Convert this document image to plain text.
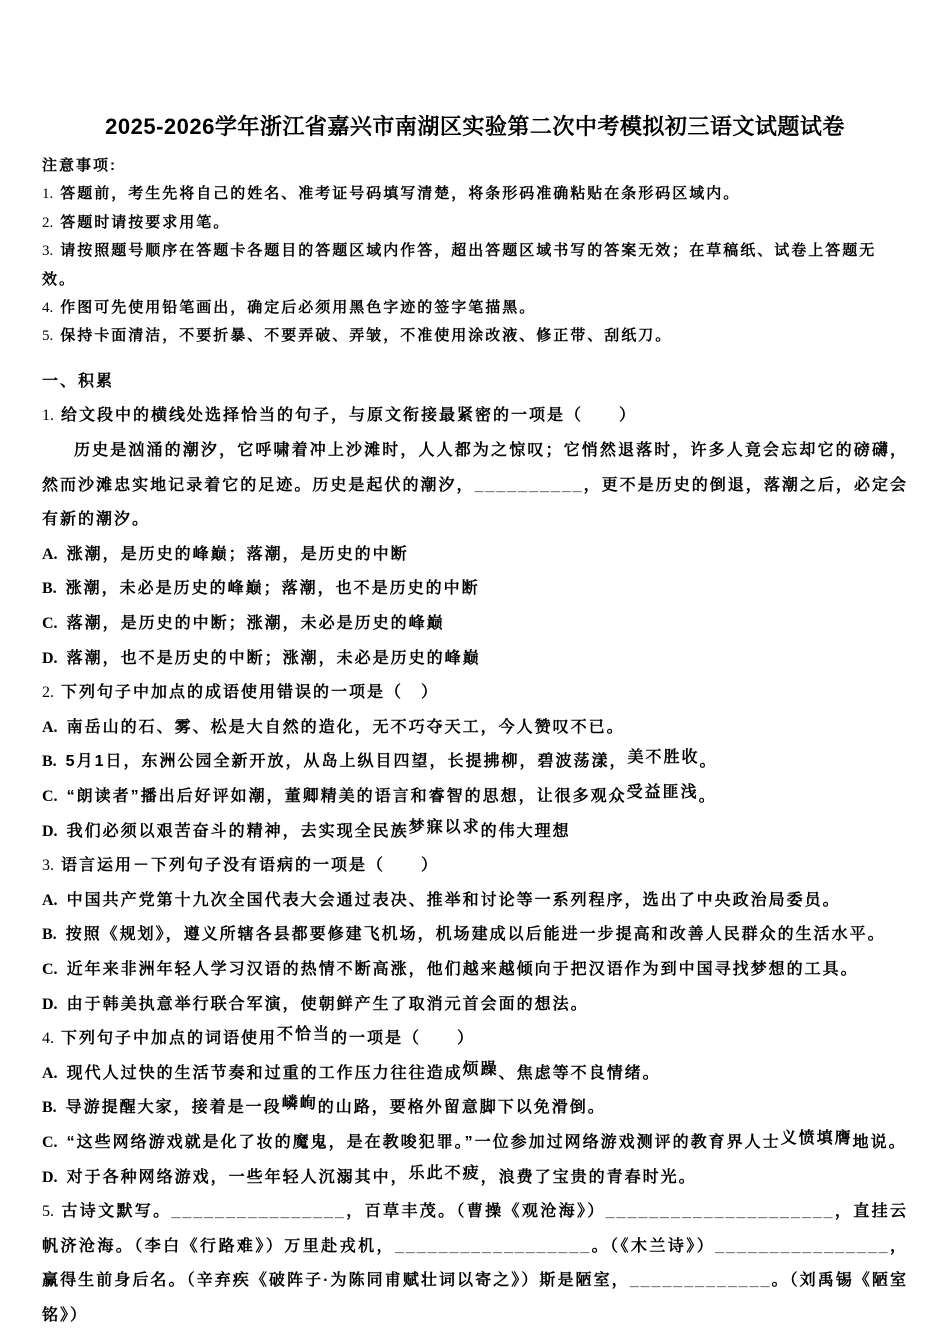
2025-2026学年浙江省嘉兴市南湖区实验第二次中考模拟初三语文试题试卷
注意事项:
1. 答题前，考生先将自己的姓名、准考证号码填写清楚，将条形码准确粘贴在条形码区域内。
2. 答题时请按要求用笔。
3. 请按照题号顺序在答题卡各题目的答题区域内作答，超出答题区域书写的答案无效；在草稿纸、试卷上答题无效。
4. 作图可先使用铅笔画出，确定后必须用黑色字迹的签字笔描黑。
5. 保持卡面清洁，不要折暴、不要弄破、弄皱，不准使用涂改液、修正带、刮纸刀。
一、积累
1. 给文段中的横线处选择恰当的句子，与原文衔接最紧密的一项是（　　）

历史是汹涌的潮汐，它呼啸着冲上沙滩时，人人都为之惊叹；它悄然退落时，许多人竟会忘却它的磅礴，然而沙滩忠实地记录着它的足迹。历史是起伏的潮汐，__________，更不是历史的倒退，落潮之后，必定会有新的潮汐。

A. 涨潮，是历史的峰巅；落潮，是历史的中断
B. 涨潮，未必是历史的峰巅；落潮，也不是历史的中断
C. 落潮，是历史的中断；涨潮，未必是历史的峰巅
D. 落潮，也不是历史的中断；涨潮，未必是历史的峰巅
2. 下列句子中加点的成语使用错误的一项是（　）
A. 南岳山的石、雾、松是大自然的造化，无不巧夺天工，今人赞叹不已。
B. 5月1日，东洲公园全新开放，从岛上纵目四望，长提拂柳，碧波荡漾，美不胜收。
C. “朗读者”播出后好评如潮，董卿精美的语言和睿智的思想，让很多观众受益匪浅。
D. 我们必须以艰苦奋斗的精神，去实现全民族梦寐以求的伟大理想
3. 语言运用－下列句子没有语病的一项是（　　）
A. 中国共产党第十九次全国代表大会通过表决、推举和讨论等一系列程序，选出了中央政治局委员。
B. 按照《规划》，遵义所辖各县都要修建飞机场，机场建成以后能进一步提高和改善人民群众的生活水平。
C. 近年来非洲年轻人学习汉语的热情不断高涨，他们越来越倾向于把汉语作为到中国寻找梦想的工具。
D. 由于韩美执意举行联合军演，使朝鲜产生了取消元首会面的想法。
4. 下列句子中加点的词语使用不恰当的一项是（　　）
A. 现代人过快的生活节奏和过重的工作压力往往造成烦躁、焦虑等不良情绪。
B. 导游提醒大家，接着是一段嶙峋的山路，要格外留意脚下以免滑倒。
C. “这些网络游戏就是化了妆的魔鬼，是在教唆犯罪。”一位参加过网络游戏测评的教育界人士义愤填膺地说。
D. 对于各种网络游戏，一些年轻人沉溺其中，乐此不疲，浪费了宝贵的青春时光。

5. 古诗文默写。________________，百草丰茂。（曹操《观沧海》）_____________________，直挂云帆济沧海。（李白《行路难》）万里赴戎机，__________________。（《木兰诗》）________________，赢得生前身后名。（辛弃疾《破阵子·为陈同甫赋壮词以寄之》）斯是陋室，_____________。（刘禹锡《陋室铭》）
